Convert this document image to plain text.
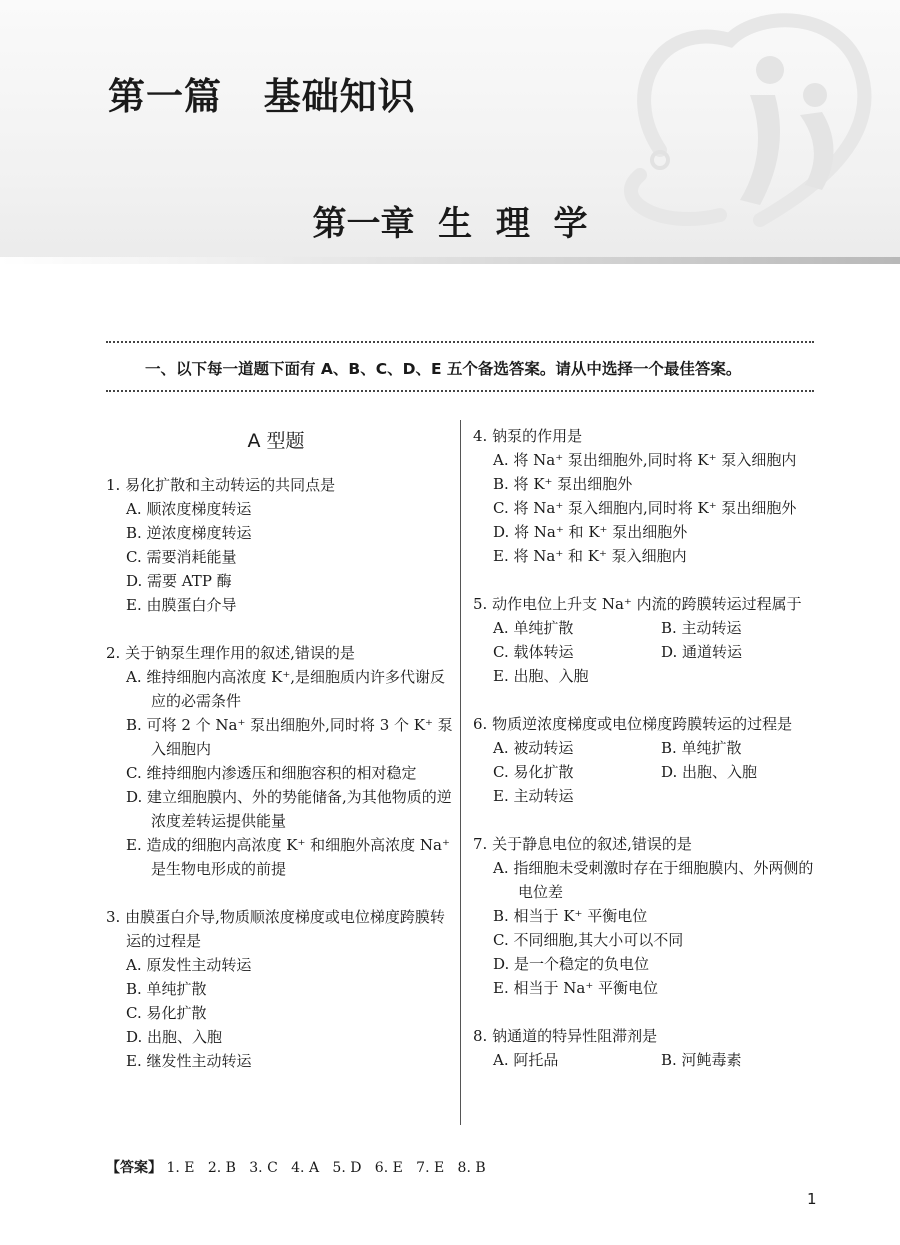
第一篇   基础知识
第一章  生  理  学

一、以下每一道题下面有 A、B、C、D、E 五个备选答案。请从中选择一个最佳答案。

A 型题
1. 易化扩散和主动转运的共同点是
A. 顺浓度梯度转运
B. 逆浓度梯度转运
C. 需要消耗能量
D. 需要 ATP 酶
E. 由膜蛋白介导
2. 关于钠泵生理作用的叙述,错误的是
A. 维持细胞内高浓度 K⁺,是细胞质内许多代谢反应的必需条件
B. 可将 2 个 Na⁺ 泵出细胞外,同时将 3 个 K⁺ 泵入细胞内
C. 维持细胞内渗透压和细胞容积的相对稳定
D. 建立细胞膜内、外的势能储备,为其他物质的逆浓度差转运提供能量
E. 造成的细胞内高浓度 K⁺ 和细胞外高浓度 Na⁺ 是生物电形成的前提
3. 由膜蛋白介导,物质顺浓度梯度或电位梯度跨膜转运的过程是
A. 原发性主动转运
B. 单纯扩散
C. 易化扩散
D. 出胞、入胞
E. 继发性主动转运
4. 钠泵的作用是
A. 将 Na⁺ 泵出细胞外,同时将 K⁺ 泵入细胞内
B. 将 K⁺ 泵出细胞外
C. 将 Na⁺ 泵入细胞内,同时将 K⁺ 泵出细胞外
D. 将 Na⁺ 和 K⁺ 泵出细胞外
E. 将 Na⁺ 和 K⁺ 泵入细胞内
5. 动作电位上升支 Na⁺ 内流的跨膜转运过程属于
A. 单纯扩散	B. 主动转运
C. 载体转运	D. 通道转运
E. 出胞、入胞
6. 物质逆浓度梯度或电位梯度跨膜转运的过程是
A. 被动转运	B. 单纯扩散
C. 易化扩散	D. 出胞、入胞
E. 主动转运
7. 关于静息电位的叙述,错误的是
A. 指细胞未受刺激时存在于细胞膜内、外两侧的电位差
B. 相当于 K⁺ 平衡电位
C. 不同细胞,其大小可以不同
D. 是一个稳定的负电位
E. 相当于 Na⁺ 平衡电位
8. 钠通道的特异性阻滞剂是
A. 阿托品	B. 河鲀毒素
【答案】 1. E   2. B   3. C   4. A   5. D   6. E   7. E   8. B
1
